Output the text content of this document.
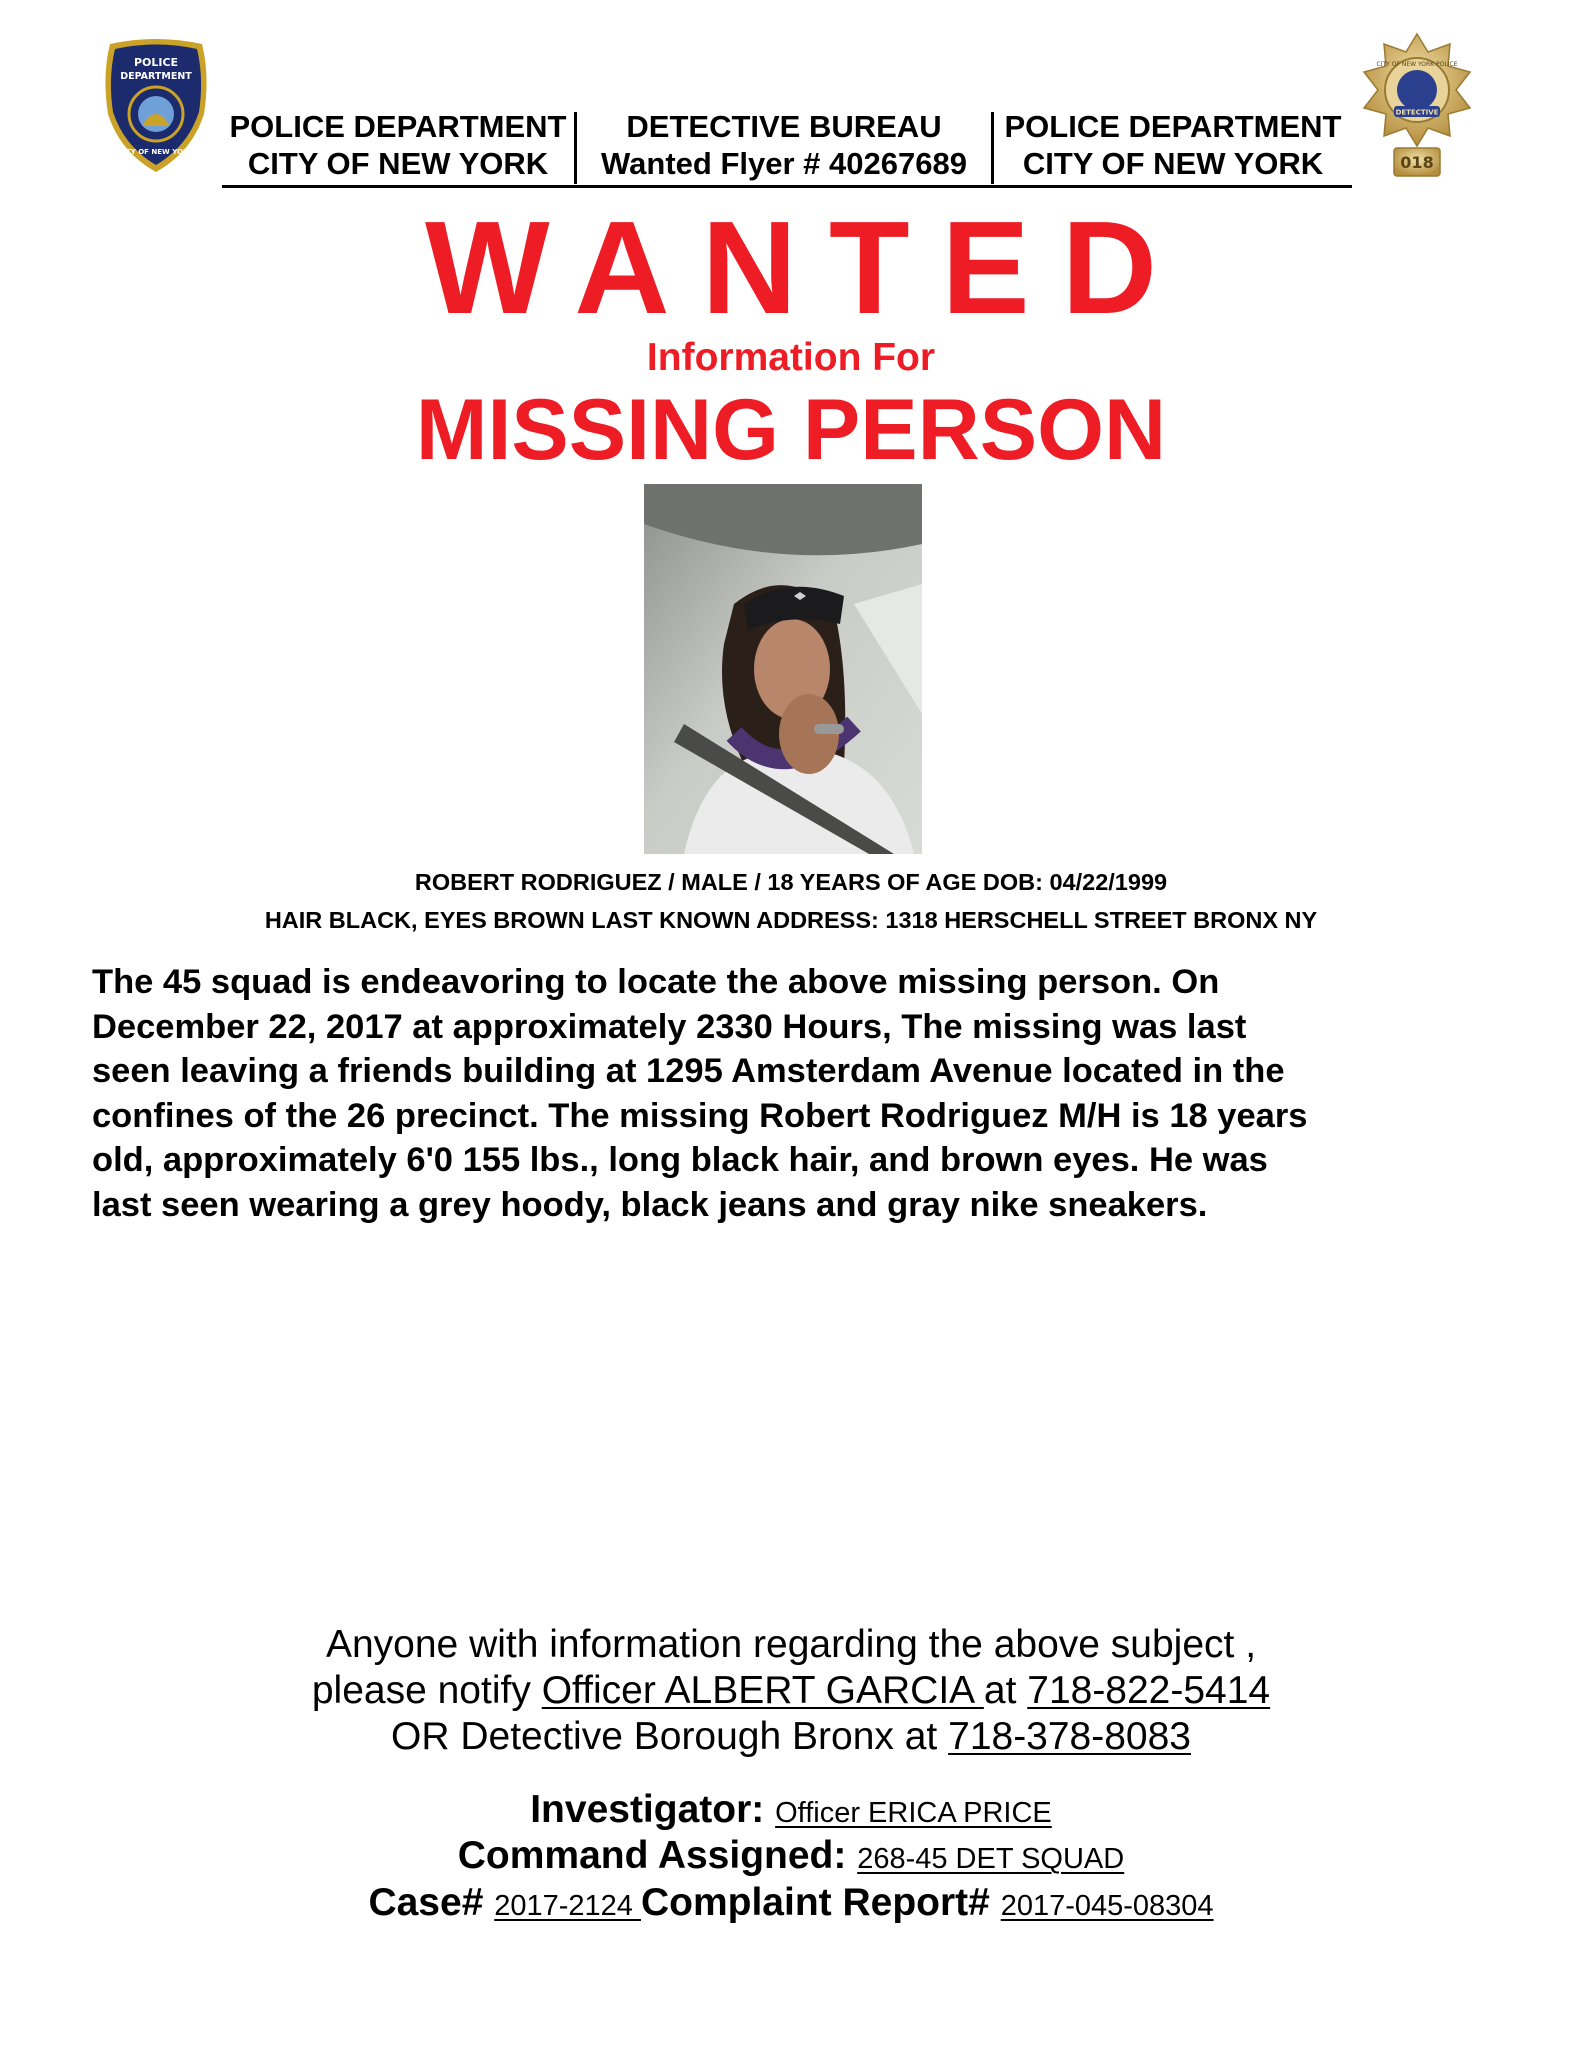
POLICE
DEPARTMENT
CITY OF NEW YORK
POLICE DEPARTMENT
CITY OF NEW YORK
DETECTIVE BUREAU
Wanted Flyer # 40267689
POLICE DEPARTMENT
CITY OF NEW YORK
CITY OF NEW YORK POLICE
DETECTIVE
018
WANTED
Information For
MISSING PERSON
ROBERT RODRIGUEZ / MALE / 18 YEARS OF AGE DOB: 04/22/1999
HAIR BLACK, EYES BROWN LAST KNOWN ADDRESS: 1318 HERSCHELL STREET BRONX NY
The 45 squad is endeavoring to locate the above missing person. On
December 22, 2017 at approximately 2330 Hours, The missing was last
seen leaving a friends building at 1295 Amsterdam Avenue located in the
confines of the 26 precinct. The missing Robert Rodriguez M/H is 18 years
old, approximately 6'0 155 lbs., long black hair, and brown eyes. He was
last seen wearing a grey hoody, black jeans and gray nike sneakers.
Anyone with information regarding the above subject ,
please notify Officer ALBERT GARCIA at 718-822-5414
OR Detective Borough Bronx at 718-378-8083
Investigator: Officer ERICA PRICE
Command Assigned: 268-45 DET SQUAD
Case# 2017-2124 Complaint Report# 2017-045-08304
